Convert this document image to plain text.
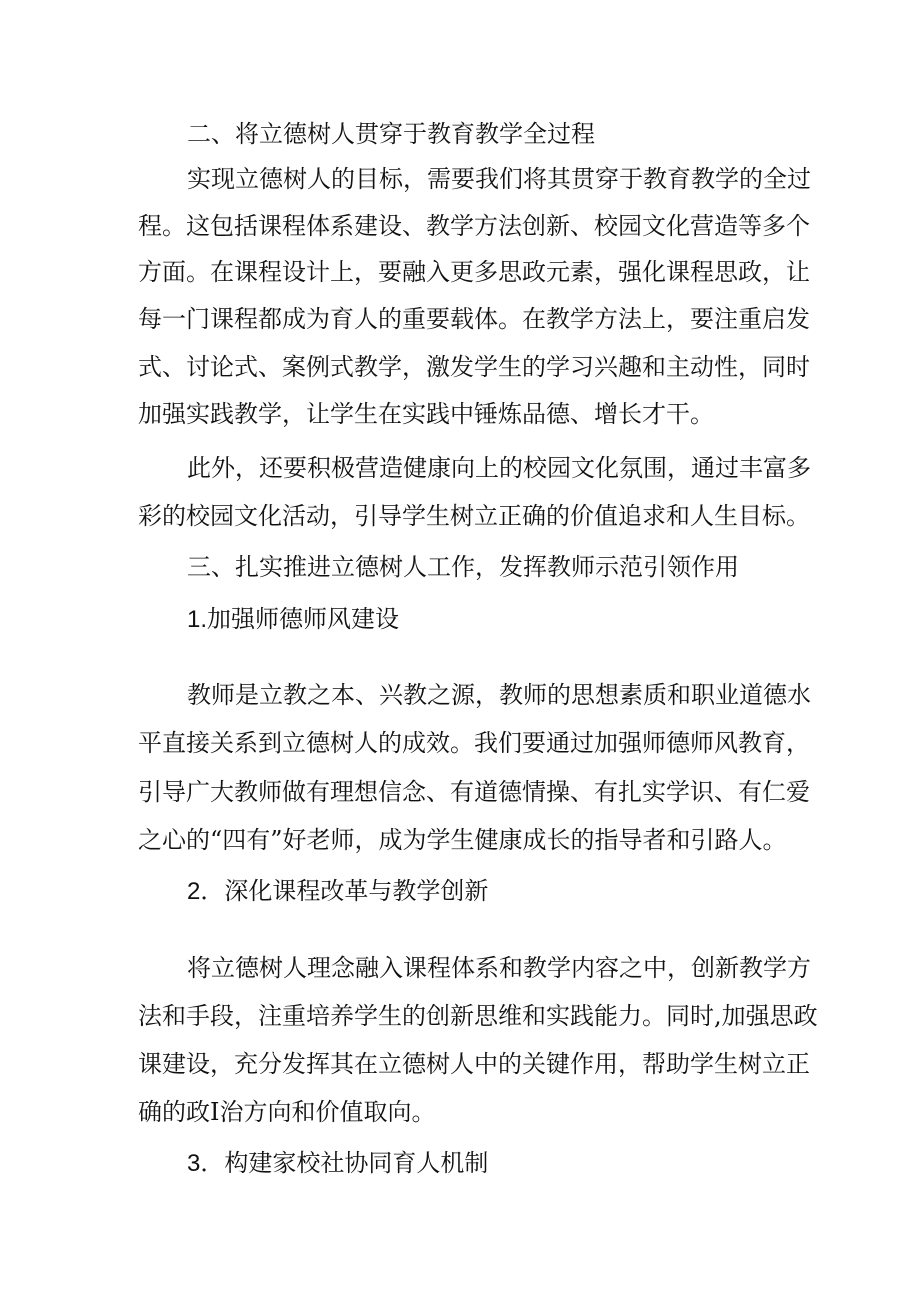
二、将立德树人贯穿于教育教学全过程

实现立德树人的目标，需要我们将其贯穿于教育教学的全过

程。这包括课程体系建设、教学方法创新、校园文化营造等多个

方面。在课程设计上，要融入更多思政元素，强化课程思政，让

每一门课程都成为育人的重要载体。在教学方法上，要注重启发

式、讨论式、案例式教学，激发学生的学习兴趣和主动性，同时

加强实践教学，让学生在实践中锤炼品德、增长才干。

此外，还要积极营造健康向上的校园文化氛围，通过丰富多

彩的校园文化活动，引导学生树立正确的价值追求和人生目标。

三、扎实推进立德树人工作，发挥教师示范引领作用

1.加强师德师风建设

教师是立教之本、兴教之源，教师的思想素质和职业道德水

平直接关系到立德树人的成效。我们要通过加强师德师风教育，

引导广大教师做有理想信念、有道德情操、有扎实学识、有仁爱

之心的“四有”好老师，成为学生健康成长的指导者和引路人。

2．深化课程改革与教学创新

将立德树人理念融入课程体系和教学内容之中，创新教学方

法和手段，注重培养学生的创新思维和实践能力。同时,加强思政

课建设，充分发挥其在立德树人中的关键作用，帮助学生树立正

确的政I治方向和价值取向。

3．构建家校社协同育人机制
